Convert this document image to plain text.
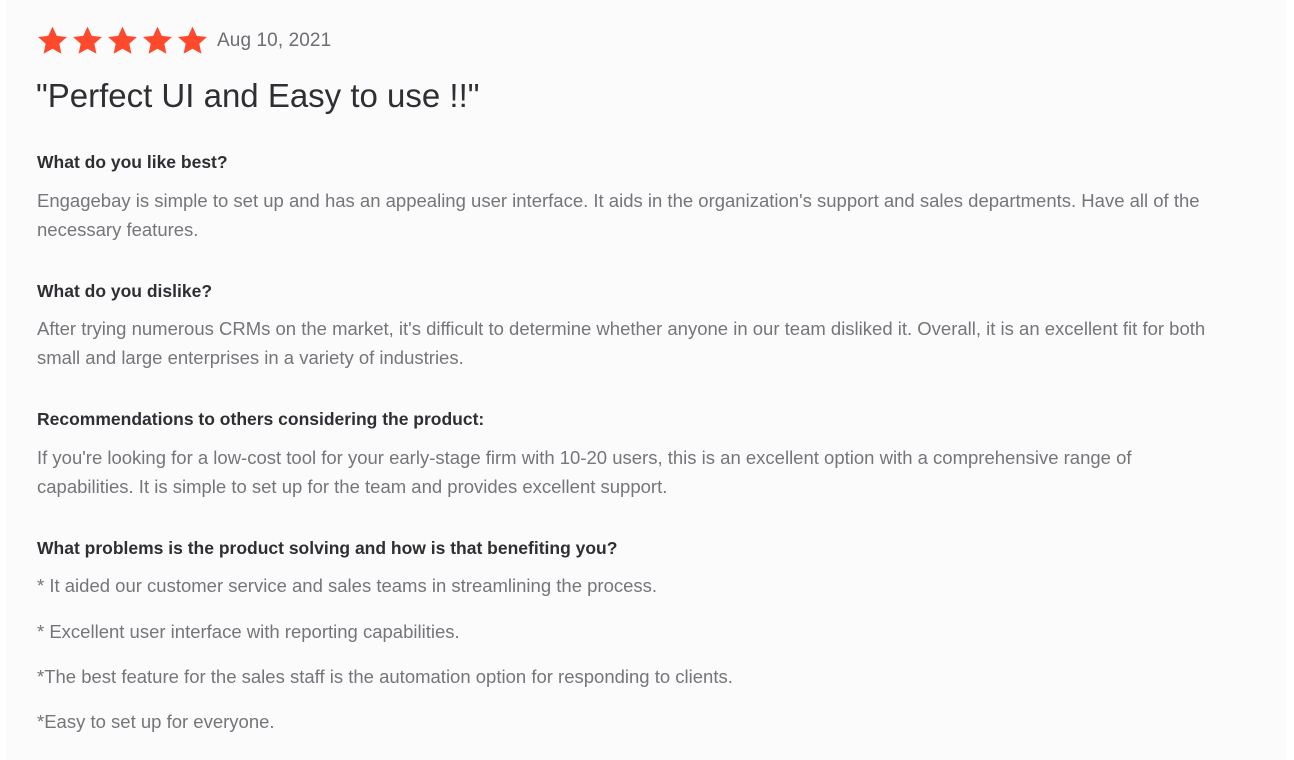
Aug 10, 2021
"Perfect UI and Easy to use !!"
What do you like best?

Engagebay is simple to set up and has an appealing user interface. It aids in the organization's support and sales departments. Have all of the necessary features.

What do you dislike?

After trying numerous CRMs on the market, it's difficult to determine whether anyone in our team disliked it. Overall, it is an excellent fit for both small and large enterprises in a variety of industries.

Recommendations to others considering the product:

If you're looking for a low-cost tool for your early-stage firm with 10-20 users, this is an excellent option with a comprehensive range of capabilities. It is simple to set up for the team and provides excellent support.

What problems is the product solving and how is that benefiting you?

* It aided our customer service and sales teams in streamlining the process.

* Excellent user interface with reporting capabilities.

*The best feature for the sales staff is the automation option for responding to clients.

*Easy to set up for everyone.
